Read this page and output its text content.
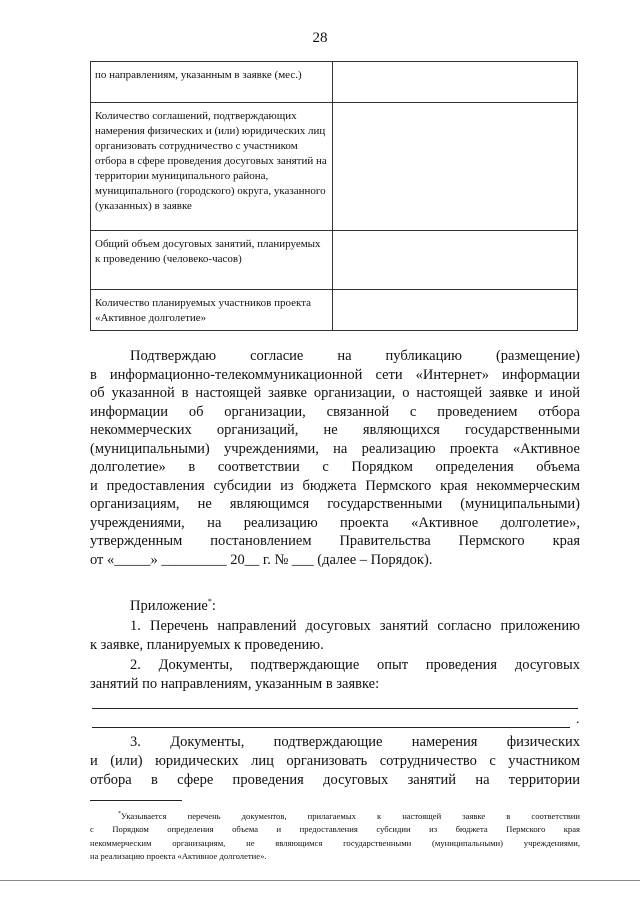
28
по направлениям, указанным в заявке (мес.)	
Количество соглашений, подтверждающих намерения физических и (или) юридических лиц организовать сотрудничество с участником отбора в сфере проведения досуговых занятий на территории муниципального района, муниципального (городского) округа, указанного (указанных) в заявке	
Общий объем досуговых занятий, планируемых к проведению (человеко-часов)	
Количество планируемых участников проекта «Активное долголетие»	
Подтверждаю согласие на публикацию (размещение)
в информационно-телекоммуникационной сети «Интернет» информации
об указанной в настоящей заявке организации, о настоящей заявке и иной
информации об организации, связанной с проведением отбора
некоммерческих организаций, не являющихся государственными
(муниципальными) учреждениями, на реализацию проекта «Активное
долголетие» в соответствии с Порядком определения объема
и предоставления субсидии из бюджета Пермского края некоммерческим
организациям, не являющимся государственными (муниципальными)
учреждениями, на реализацию проекта «Активное долголетие»,
утвержденным постановлением Правительства Пермского края
от «_____» _________ 20__ г. № ___ (далее – Порядок).
Приложение*:
1. Перечень направлений досуговых занятий согласно приложению
к заявке, планируемых к проведению.
2. Документы, подтверждающие опыт проведения досуговых
занятий по направлениям, указанным в заявке:
.
3. Документы, подтверждающие намерения физических
и (или) юридических лиц организовать сотрудничество с участником
отбора в сфере проведения досуговых занятий на территории
*Указывается перечень документов, прилагаемых к настоящей заявке в соответствии
с Порядком определения объема и предоставления субсидии из бюджета Пермского края
некоммерческим организациям, не являющимся государственными (муниципальными) учреждениями,
на реализацию проекта «Активное долголетие».
